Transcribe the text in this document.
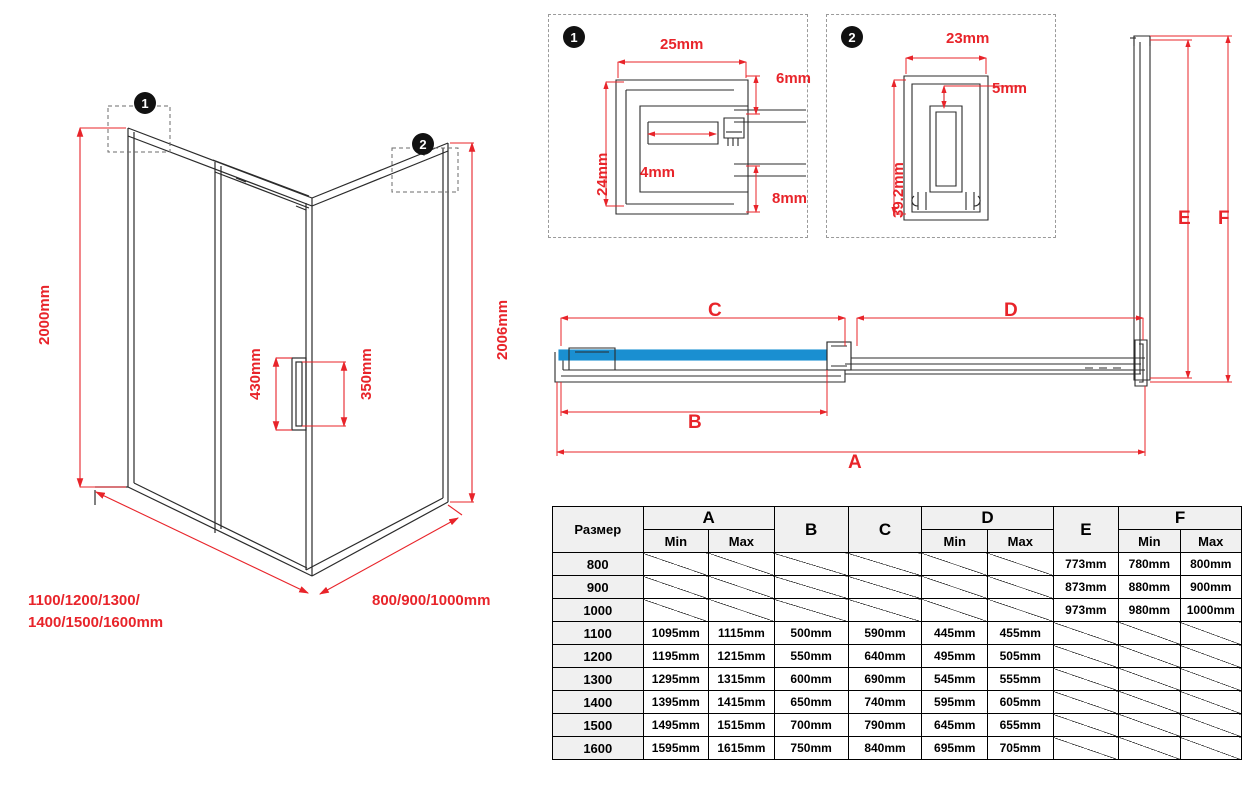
1
2
2000mm	2006mm
430mm	350mm
1100/1200/1300/
1400/1500/1600mm
800/900/1000mm
1	25mm
6mm
24mm 4mm
8mm
2	23mm
5mm
39.2mm
E F
C	D
B
A
Размер	A		B	C	D		E	F	
	Min	Max			Min	Max		Min	Max
800							773mm	780mm	800mm
900							873mm	880mm	900mm
1000							973mm	980mm	1000mm
1100	1095mm	1115mm	500mm	590mm	445mm	455mm			
1200	1195mm	1215mm	550mm	640mm	495mm	505mm			
1300	1295mm	1315mm	600mm	690mm	545mm	555mm			
1400	1395mm	1415mm	650mm	740mm	595mm	605mm			
1500	1495mm	1515mm	700mm	790mm	645mm	655mm			
1600	1595mm	1615mm	750mm	840mm	695mm	705mm			
